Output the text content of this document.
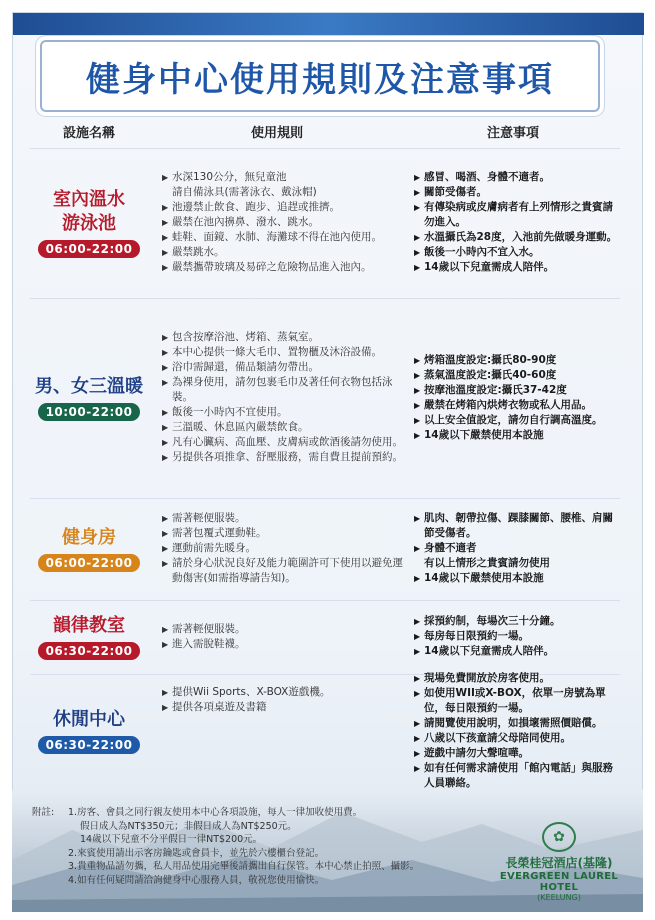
健身中心使用規則及注意事項
設施名稱	使用規則	注意事項
室內溫水
游泳池
06:00-22:00
▶ 水深130公分，無兒童池
請自備泳具(需著泳衣、戴泳帽)
▶ 池邊禁止飲食、跑步、追趕或推擠。
▶ 嚴禁在池內擤鼻、潑水、跳水。
▶ 蛙鞋、面鏡、水肺、海灘球不得在池內使用。
▶ 嚴禁跳水。
▶ 嚴禁攜帶玻璃及易碎之危險物品進入池內。
▶ 感冒、喝酒、身體不適者。
▶ 關節受傷者。
▶ 有傳染病或皮膚病者有上列情形之貴賓請勿進入。
▶ 水溫攝氏為28度，入池前先做暖身運動。
▶ 飯後一小時內不宜入水。
▶ 14歲以下兒童需成人陪伴。
男、女三溫暖
10:00-22:00
▶ 包含按摩浴池、烤箱、蒸氣室。
▶ 本中心提供一條大毛巾、置物櫃及沐浴設備。
▶ 浴巾需歸還，備品類請勿帶出。
▶ 為裸身使用，請勿包裹毛巾及著任何衣物包括泳裝。
▶ 飯後一小時內不宜使用。
▶ 三溫暖、休息區內嚴禁飲食。
▶ 凡有心臟病、高血壓、皮膚病或飲酒後請勿使用。
▶ 另提供各項推拿、舒壓服務，需自費且提前預約。
▶ 烤箱溫度設定:攝氏80-90度
▶ 蒸氣溫度設定:攝氏40-60度
▶ 按摩池溫度設定:攝氏37-42度
▶ 嚴禁在烤箱內烘烤衣物或私人用品。
▶ 以上安全值設定，請勿自行調高溫度。
▶ 14歲以下嚴禁使用本設施
健身房
06:00-22:00
▶ 需著輕便服裝。
▶ 需著包覆式運動鞋。
▶ 運動前需先暖身。
▶ 請於身心狀況良好及能力範圍許可下使用以避免運動傷害(如需指導請告知)。
▶ 肌肉、韌帶拉傷、踝膝關節、腰椎、肩關節受傷者。
▶ 身體不適者
有以上情形之貴賓請勿使用
▶ 14歲以下嚴禁使用本設施
韻律教室
06:30-22:00
▶ 需著輕便服裝。
▶ 進入需脫鞋襪。
▶ 採預約制，每場次三十分鐘。
▶ 每房每日限預約一場。
▶ 14歲以下兒童需成人陪伴。
休閒中心
06:30-22:00
▶ 提供Wii Sports、X-BOX遊戲機。
▶ 提供各項桌遊及書籍
▶ 現場免費開放於房客使用。
▶ 如使用WII或X-BOX，依單一房號為單位，每日限預約一場。
▶ 請閱覽使用說明，如損壞需照價賠償。
▶ 八歲以下孩童請父母陪同使用。
▶ 遊戲中請勿大聲喧嘩。
▶ 如有任何需求請使用「館內電話」與服務人員聯絡。
附註: 1.房客、會員之同行親友使用本中心各項設施，每人一律加收使用費。
假日成人為NT$350元；非假日成人為NT$250元。
14歲以下兒童不分平假日一律NT$200元。
2.來賓使用請出示客房鑰匙或會員卡，並先於六樓櫃台登記。
3.貴重物品請勿攜，私人用品使用完畢後請攜出自行保管。本中心禁止拍照、攝影。
4.如有任何疑問請洽詢健身中心服務人員，敬祝您使用愉快。
✿
長榮桂冠酒店(基隆)
EVERGREEN LAUREL HOTEL
(KEELUNG)
